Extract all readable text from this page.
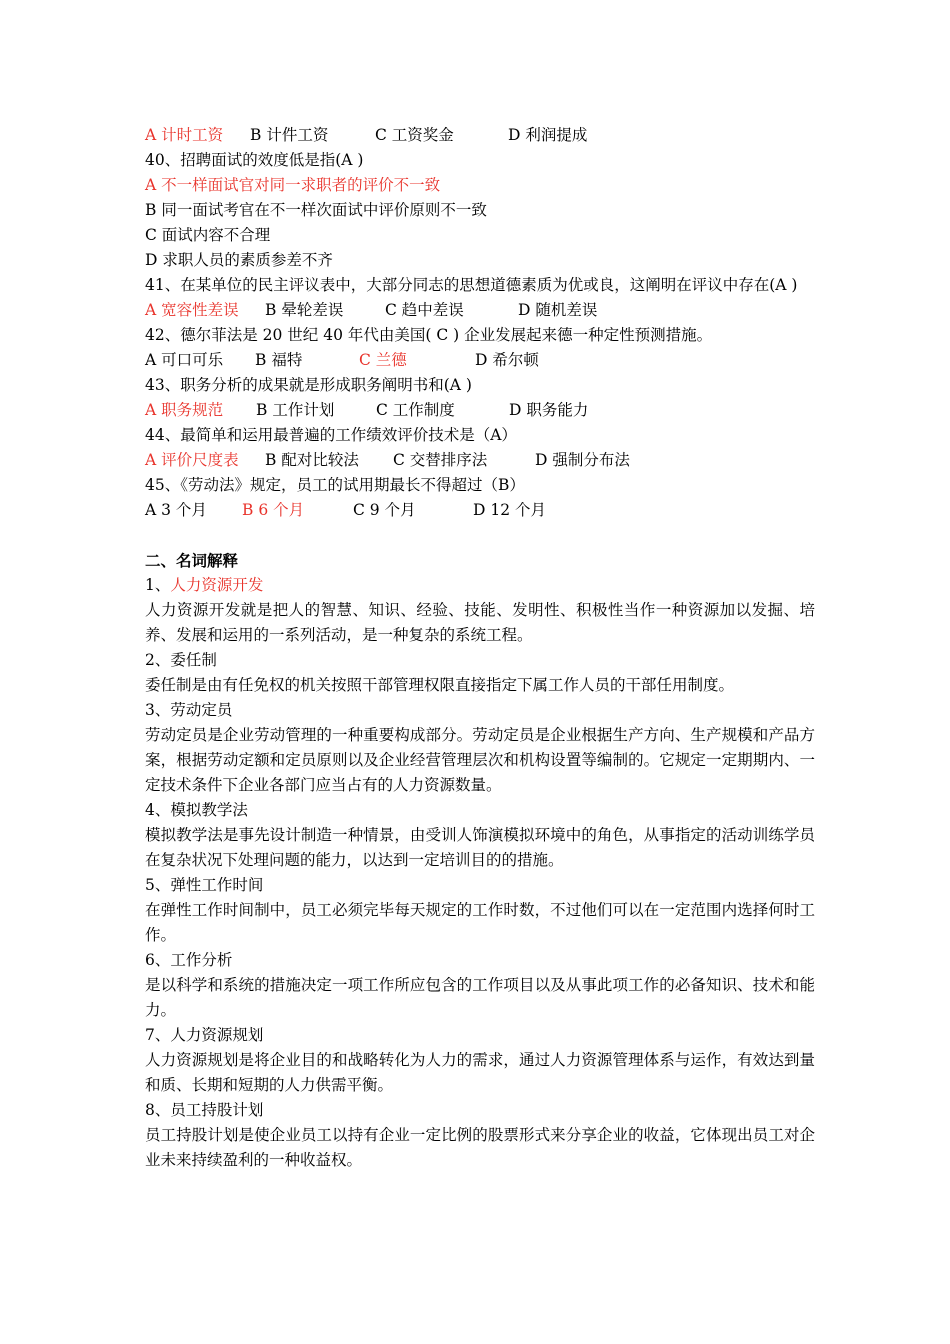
A 计时工资 B 计件工资	C 工资奖金	D 利润提成
40、招聘面试的效度低是指(A )
A 不一样面试官对同一求职者的评价不一致
B 同一面试考官在不一样次面试中评价原则不一致
C 面试内容不合理
D 求职人员的素质参差不齐
41、在某单位的民主评议表中，大部分同志的思想道德素质为优或良，这阐明在评议中存在(A )
A 宽容性差误 B 晕轮差误	C 趋中差误	D 随机差误
42、德尔菲法是 20 世纪 40 年代由美国( C ) 企业发展起来德一种定性预测措施。
A 可口可乐 B 福特	C 兰德	D 希尔顿
43、职务分析的成果就是形成职务阐明书和(A )
A 职务规范 B 工作计划	C 工作制度	D 职务能力
44、最简单和运用最普遍的工作绩效评价技术是（A）
A 评价尺度表 B 配对比较法 C 交替排序法	D 强制分布法
45、《劳动法》规定，员工的试用期最长不得超过（B）
A 3 个月 B 6 个月	C 9 个月	D 12 个月
二、名词解释
1、人力资源开发
人力资源开发就是把人的智慧、知识、经验、技能、发明性、积极性当作一种资源加以发掘、培养、发展和运用的一系列活动，是一种复杂的系统工程。
2、委任制
委任制是由有任免权的机关按照干部管理权限直接指定下属工作人员的干部任用制度。
3、劳动定员
劳动定员是企业劳动管理的一种重要构成部分。劳动定员是企业根据生产方向、生产规模和产品方案，根据劳动定额和定员原则以及企业经营管理层次和机构设置等编制的。它规定一定期期内、一定技术条件下企业各部门应当占有的人力资源数量。
4、模拟教学法
模拟教学法是事先设计制造一种情景，由受训人饰演模拟环境中的角色，从事指定的活动训练学员在复杂状况下处理问题的能力，以达到一定培训目的的措施。
5、弹性工作时间
在弹性工作时间制中，员工必须完毕每天规定的工作时数，不过他们可以在一定范围内选择何时工作。
6、工作分析
是以科学和系统的措施决定一项工作所应包含的工作项目以及从事此项工作的必备知识、技术和能力。
7、人力资源规划
人力资源规划是将企业目的和战略转化为人力的需求，通过人力资源管理体系与运作，有效达到量和质、长期和短期的人力供需平衡。
8、员工持股计划
员工持股计划是使企业员工以持有企业一定比例的股票形式来分享企业的收益，它体现出员工对企业未来持续盈利的一种收益权。
